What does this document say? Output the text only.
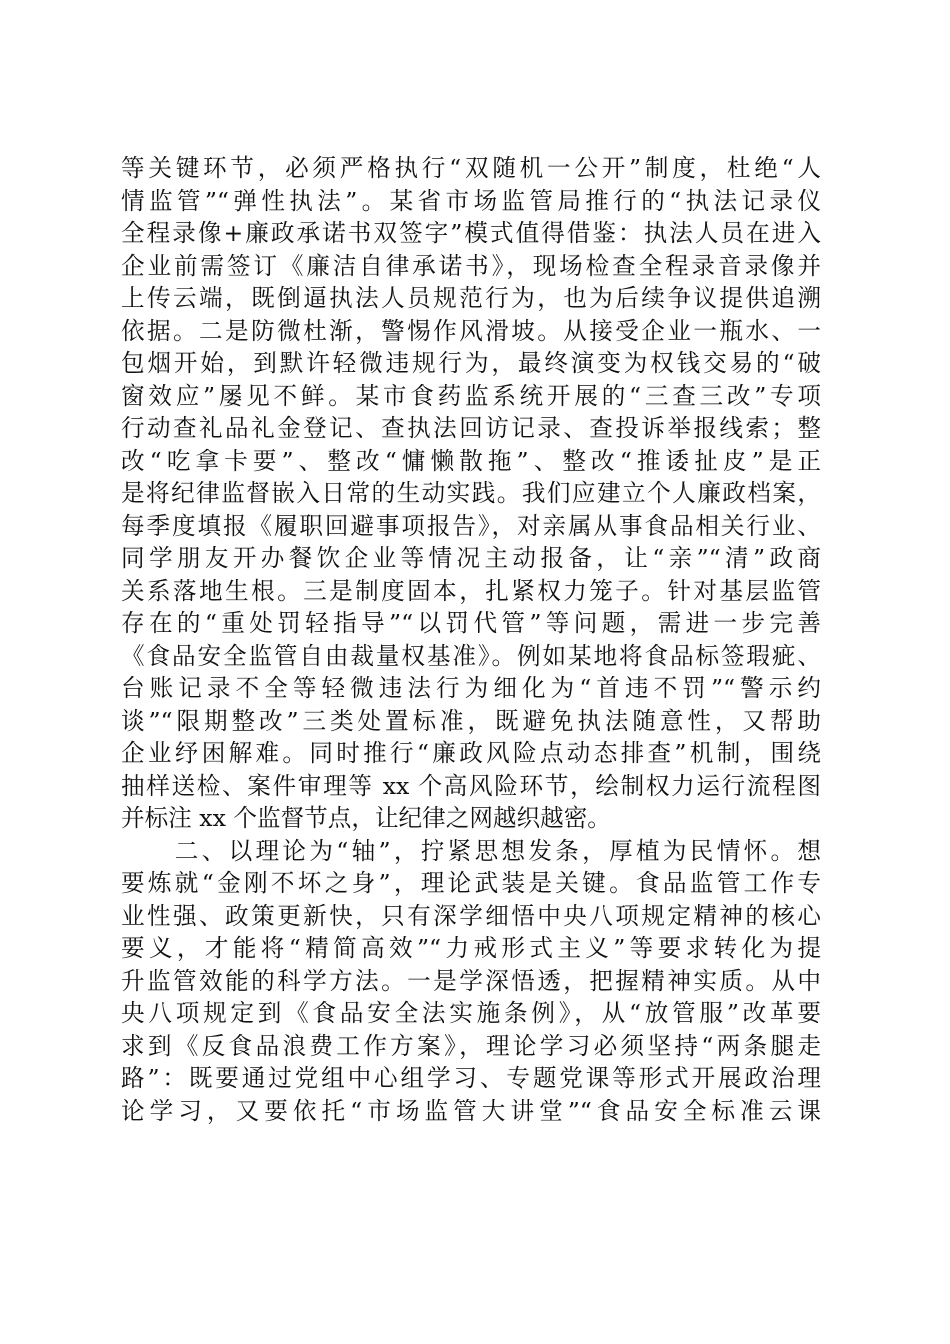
等关键环节，必须严格执行“双随机一公开”制度，杜绝“人
情监管”“弹性执法”。某省市场监管局推行的“执法记录仪
全程录像+廉政承诺书双签字”模式值得借鉴：执法人员在进入
企业前需签订《廉洁自律承诺书》，现场检查全程录音录像并
上传云端，既倒逼执法人员规范行为，也为后续争议提供追溯
依据。二是防微杜渐，警惕作风滑坡。从接受企业一瓶水、一
包烟开始，到默许轻微违规行为，最终演变为权钱交易的“破
窗效应”屡见不鲜。某市食药监系统开展的“三查三改”专项
行动查礼品礼金登记、查执法回访记录、查投诉举报线索；整
改“吃拿卡要”、整改“慵懒散拖”、整改“推诿扯皮”是正
是将纪律监督嵌入日常的生动实践。我们应建立个人廉政档案，
每季度填报《履职回避事项报告》，对亲属从事食品相关行业、
同学朋友开办餐饮企业等情况主动报备，让“亲”“清”政商
关系落地生根。三是制度固本，扎紧权力笼子。针对基层监管
存在的“重处罚轻指导”“以罚代管”等问题，需进一步完善
《食品安全监管自由裁量权基准》。例如某地将食品标签瑕疵、
台账记录不全等轻微违法行为细化为“首违不罚”“警示约
谈”“限期整改”三类处置标准，既避免执法随意性，又帮助
企业纾困解难。同时推行“廉政风险点动态排查”机制，围绕
抽样送检、案件审理等 xx 个高风险环节，绘制权力运行流程图
并标注 xx 个监督节点，让纪律之网越织越密。
　　二、以理论为“轴”，拧紧思想发条，厚植为民情怀。想
要炼就“金刚不坏之身”，理论武装是关键。食品监管工作专
业性强、政策更新快，只有深学细悟中央八项规定精神的核心
要义，才能将“精简高效”“力戒形式主义”等要求转化为提
升监管效能的科学方法。一是学深悟透，把握精神实质。从中
央八项规定到《食品安全法实施条例》，从“放管服”改革要
求到《反食品浪费工作方案》，理论学习必须坚持“两条腿走
路”：既要通过党组中心组学习、专题党课等形式开展政治理
论学习，又要依托“市场监管大讲堂”“食品安全标准云课
